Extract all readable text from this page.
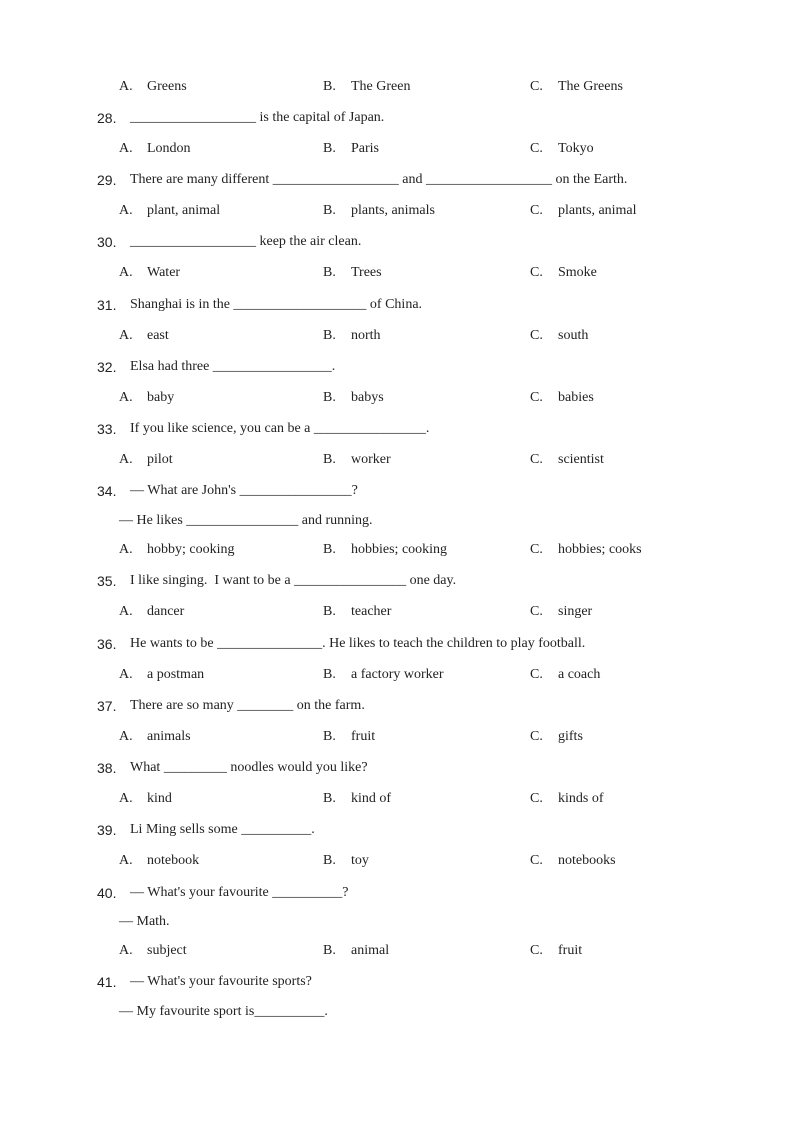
A. Greens	B. The Green	C. The Greens
28. __________________ is the capital of Japan.
A. London	B. Paris	C. Tokyo
29. There are many different __________________ and __________________ on the Earth.
A. plant, animal	B. plants, animals	C. plants, animal
30. __________________ keep the air clean.
A. Water	B. Trees	C. Smoke
31. Shanghai is in the ___________________ of China.
A. east	B. north	C. south
32. Elsa had three _________________.
A. baby	B. babys	C. babies
33. If you like science, you can be a ________________.
A. pilot	B. worker	C. scientist
34. — What are John's ________________?
— He likes ________________ and running.
A. hobby; cooking	B. hobbies; cooking	C. hobbies; cooks
35. I like singing.  I want to be a ________________ one day.
A. dancer	B. teacher	C. singer
36. He wants to be _______________. He likes to teach the children to play football.
A. a postman	B. a factory worker	C. a coach
37. There are so many ________ on the farm.
A. animals	B. fruit	C. gifts
38. What _________ noodles would you like?
A. kind	B. kind of	C. kinds of
39. Li Ming sells some __________.
A. notebook	B. toy	C. notebooks
40. — What's your favourite __________?
— Math.
A. subject	B. animal	C. fruit
41. — What's your favourite sports?
— My favourite sport is__________.
